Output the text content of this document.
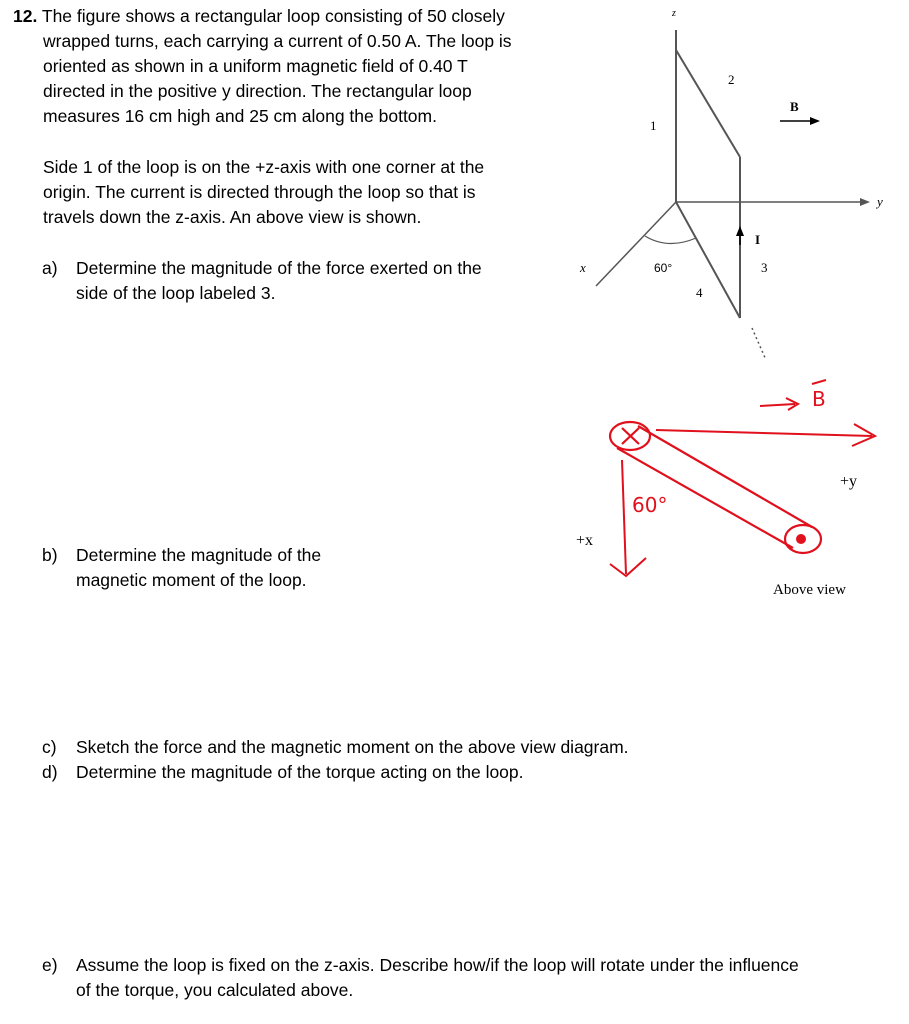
12. The figure shows a rectangular loop consisting of 50 closely
wrapped turns, each carrying a current of 0.50 A. The loop is
oriented as shown in a uniform magnetic field of 0.40 T
directed in the positive y direction. The rectangular loop
measures 16 cm high and 25 cm along the bottom.
Side 1 of the loop is on the +z-axis with one corner at the
origin. The current is directed through the loop so that is
travels down the z-axis. An above view is shown.
a) Determine the magnitude of the force exerted on the
side of the loop labeled 3.
b) Determine the magnitude of the
magnetic moment of the loop.
c) Sketch the force and the magnetic moment on the above view diagram.
d) Determine the magnitude of the torque acting on the loop.
e) Assume the loop is fixed on the z-axis. Describe how/if the loop will rotate under the influence
of the torque, you calculated above.
z
x
y
1
2
3
4
I
B
60°
B
60°
+x
+y
Above view
